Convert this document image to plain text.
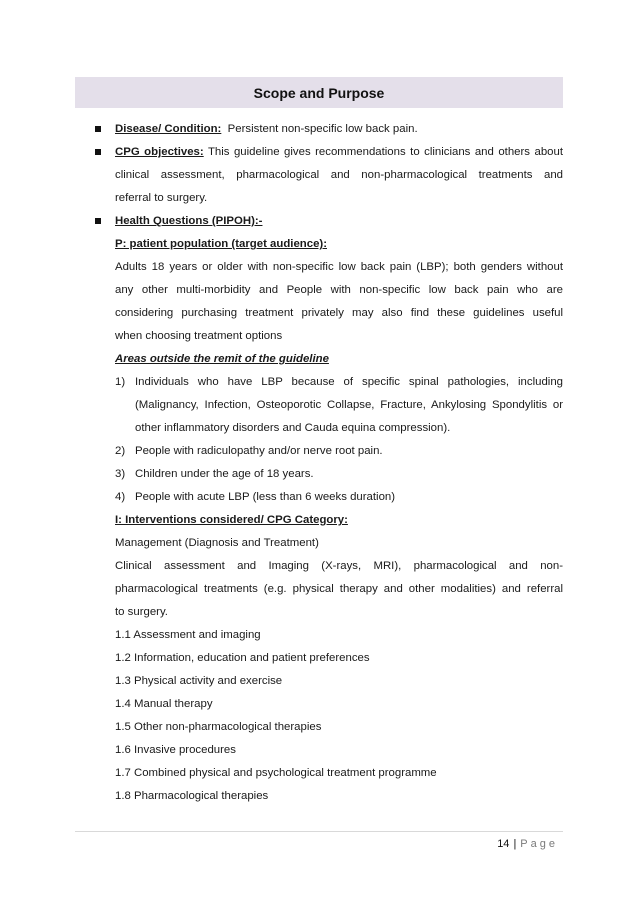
Scope and Purpose
Disease/ Condition: Persistent non-specific low back pain.
CPG objectives: This guideline gives recommendations to clinicians and others about
clinical assessment, pharmacological and non-pharmacological treatments and
referral to surgery.
Health Questions (PIPOH):-
P: patient population (target audience):
Adults 18 years or older with non-specific low back pain (LBP); both genders without
any other multi-morbidity and People with non-specific low back pain who are
considering purchasing treatment privately may also find these guidelines useful
when choosing treatment options
Areas outside the remit of the guideline
1) Individuals who have LBP because of specific spinal pathologies, including
(Malignancy, Infection, Osteoporotic Collapse, Fracture, Ankylosing Spondylitis or
other inflammatory disorders and Cauda equina compression).
2) People with radiculopathy and/or nerve root pain.
3) Children under the age of 18 years.
4) People with acute LBP (less than 6 weeks duration)
I: Interventions considered/ CPG Category:
Management (Diagnosis and Treatment)
Clinical assessment and Imaging (X-rays, MRI), pharmacological and non-
pharmacological treatments (e.g. physical therapy and other modalities) and referral
to surgery.
1.1 Assessment and imaging
1.2 Information, education and patient preferences
1.3 Physical activity and exercise
1.4 Manual therapy
1.5 Other non-pharmacological therapies
1.6 Invasive procedures
1.7 Combined physical and psychological treatment programme
1.8 Pharmacological therapies
14 | Page
